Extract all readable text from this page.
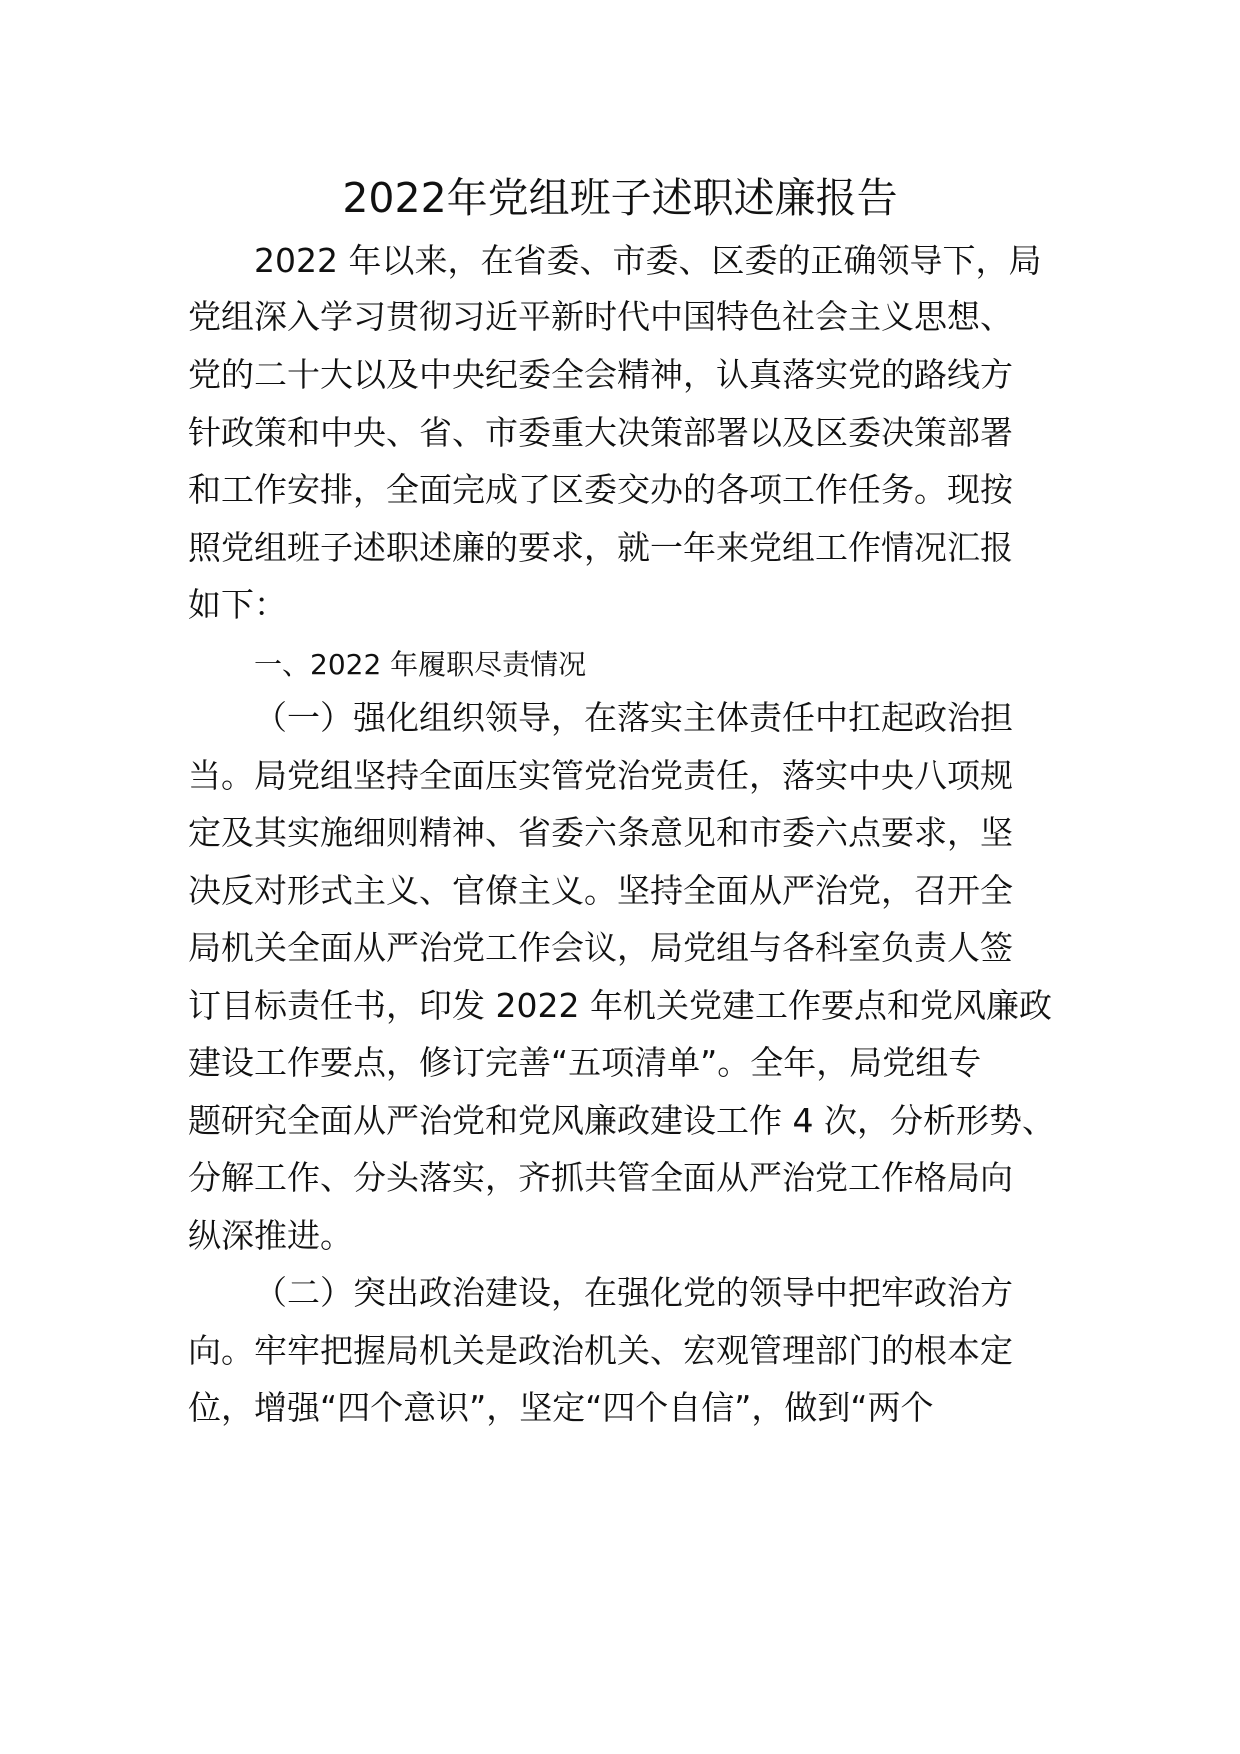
2022年党组班子述职述廉报告
2022 年以来，在省委、市委、区委的正确领导下，局
党组深入学习贯彻习近平新时代中国特色社会主义思想、
党的二十大以及中央纪委全会精神，认真落实党的路线方
针政策和中央、省、市委重大决策部署以及区委决策部署
和工作安排，全面完成了区委交办的各项工作任务。现按
照党组班子述职述廉的要求，就一年来党组工作情况汇报
如下：
一、2022 年履职尽责情况
（一）强化组织领导，在落实主体责任中扛起政治担
当。局党组坚持全面压实管党治党责任，落实中央八项规
定及其实施细则精神、省委六条意见和市委六点要求，坚
决反对形式主义、官僚主义。坚持全面从严治党，召开全
局机关全面从严治党工作会议，局党组与各科室负责人签
订目标责任书，印发 2022 年机关党建工作要点和党风廉政
建设工作要点，修订完善“五项清单”。全年，局党组专
题研究全面从严治党和党风廉政建设工作 4 次，分析形势、
分解工作、分头落实，齐抓共管全面从严治党工作格局向
纵深推进。
（二）突出政治建设，在强化党的领导中把牢政治方
向。牢牢把握局机关是政治机关、宏观管理部门的根本定
位，增强“四个意识”，坚定“四个自信”，做到“两个
